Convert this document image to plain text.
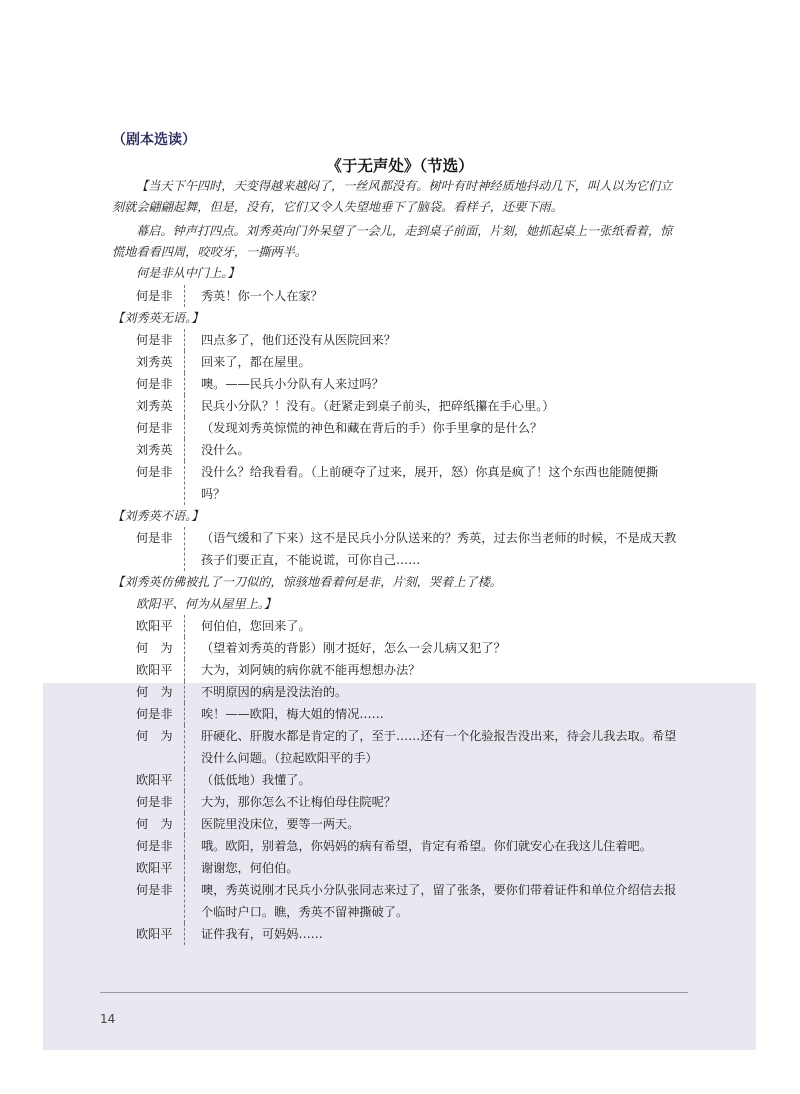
（剧本选读）
《于无声处》（节选）
【当天下午四时，天变得越来越闷了，一丝风都没有。树叶有时神经质地抖动几下，叫人以为它们立刻就会翩翩起舞，但是，没有，它们又令人失望地垂下了脑袋。看样子，还要下雨。
幕启。钟声打四点。刘秀英向门外呆望了一会儿，走到桌子前面，片刻，她抓起桌上一张纸看着，惊慌地看看四周，咬咬牙，一撕两半。
何是非从中门上。】
何是非	秀英！你一个人在家？
【刘秀英无语。】
何是非	四点多了，他们还没有从医院回来？
刘秀英	回来了，都在屋里。
何是非	噢。——民兵小分队有人来过吗？
刘秀英	民兵小分队？！没有。（赶紧走到桌子前头，把碎纸攥在手心里。）
何是非	（发现刘秀英惊慌的神色和藏在背后的手）你手里拿的是什么？
刘秀英	没什么。
何是非	没什么？给我看看。（上前硬夺了过来，展开，怒）你真是疯了！这个东西也能随便撕吗？
【刘秀英不语。】
何是非	（语气缓和了下来）这不是民兵小分队送来的？秀英，过去你当老师的时候，不是成天教孩子们要正直，不能说谎，可你自己……
【刘秀英仿佛被扎了一刀似的，惊骇地看着何是非，片刻，哭着上了楼。
欧阳平、何为从屋里上。】
欧阳平	何伯伯，您回来了。
何　为	（望着刘秀英的背影）刚才挺好，怎么一会儿病又犯了？
欧阳平	大为，刘阿姨的病你就不能再想想办法？
何　为	不明原因的病是没法治的。
何是非	唉！——欧阳，梅大姐的情况……
何　为	肝硬化、肝腹水都是肯定的了，至于……还有一个化验报告没出来，待会儿我去取。希望没什么问题。（拉起欧阳平的手）
欧阳平	（低低地）我懂了。
何是非	大为，那你怎么不让梅伯母住院呢？
何　为	医院里没床位，要等一两天。
何是非	哦。欧阳，别着急，你妈妈的病有希望，肯定有希望。你们就安心在我这儿住着吧。
欧阳平	谢谢您，何伯伯。
何是非	噢，秀英说刚才民兵小分队张同志来过了，留了张条，要你们带着证件和单位介绍信去报个临时户口。瞧，秀英不留神撕破了。
欧阳平	证件我有，可妈妈……
14
